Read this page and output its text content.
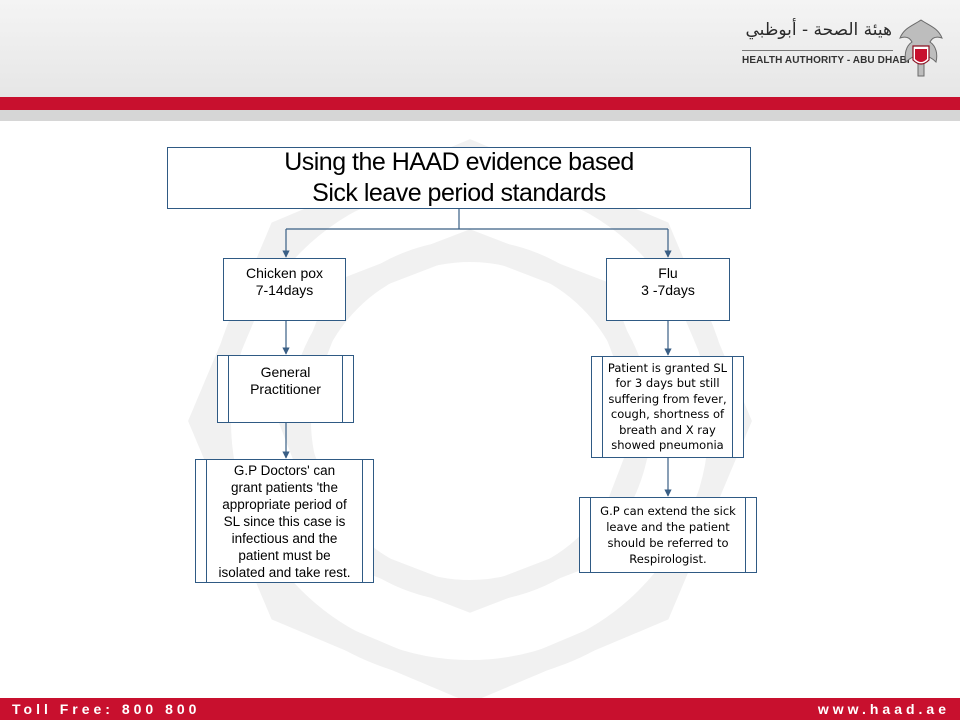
هيئة الصحة - أبوظبي
HEALTH AUTHORITY - ABU DHABI
Using the HAAD evidence based
Sick leave period standards
Chicken pox
7-14days
Flu
3 -7days
General
Practitioner
G.P Doctors' can
grant patients 'the
appropriate period of
SL since this case is
infectious and the
patient must be
isolated and take rest.
Patient is granted SL
for 3 days but still
suffering from fever,
cough, shortness of
breath and X ray
showed pneumonia
G.P can extend the sick
leave and the patient
should be referred to
Respirologist.
Toll Free: 800 800	www.haad.ae
